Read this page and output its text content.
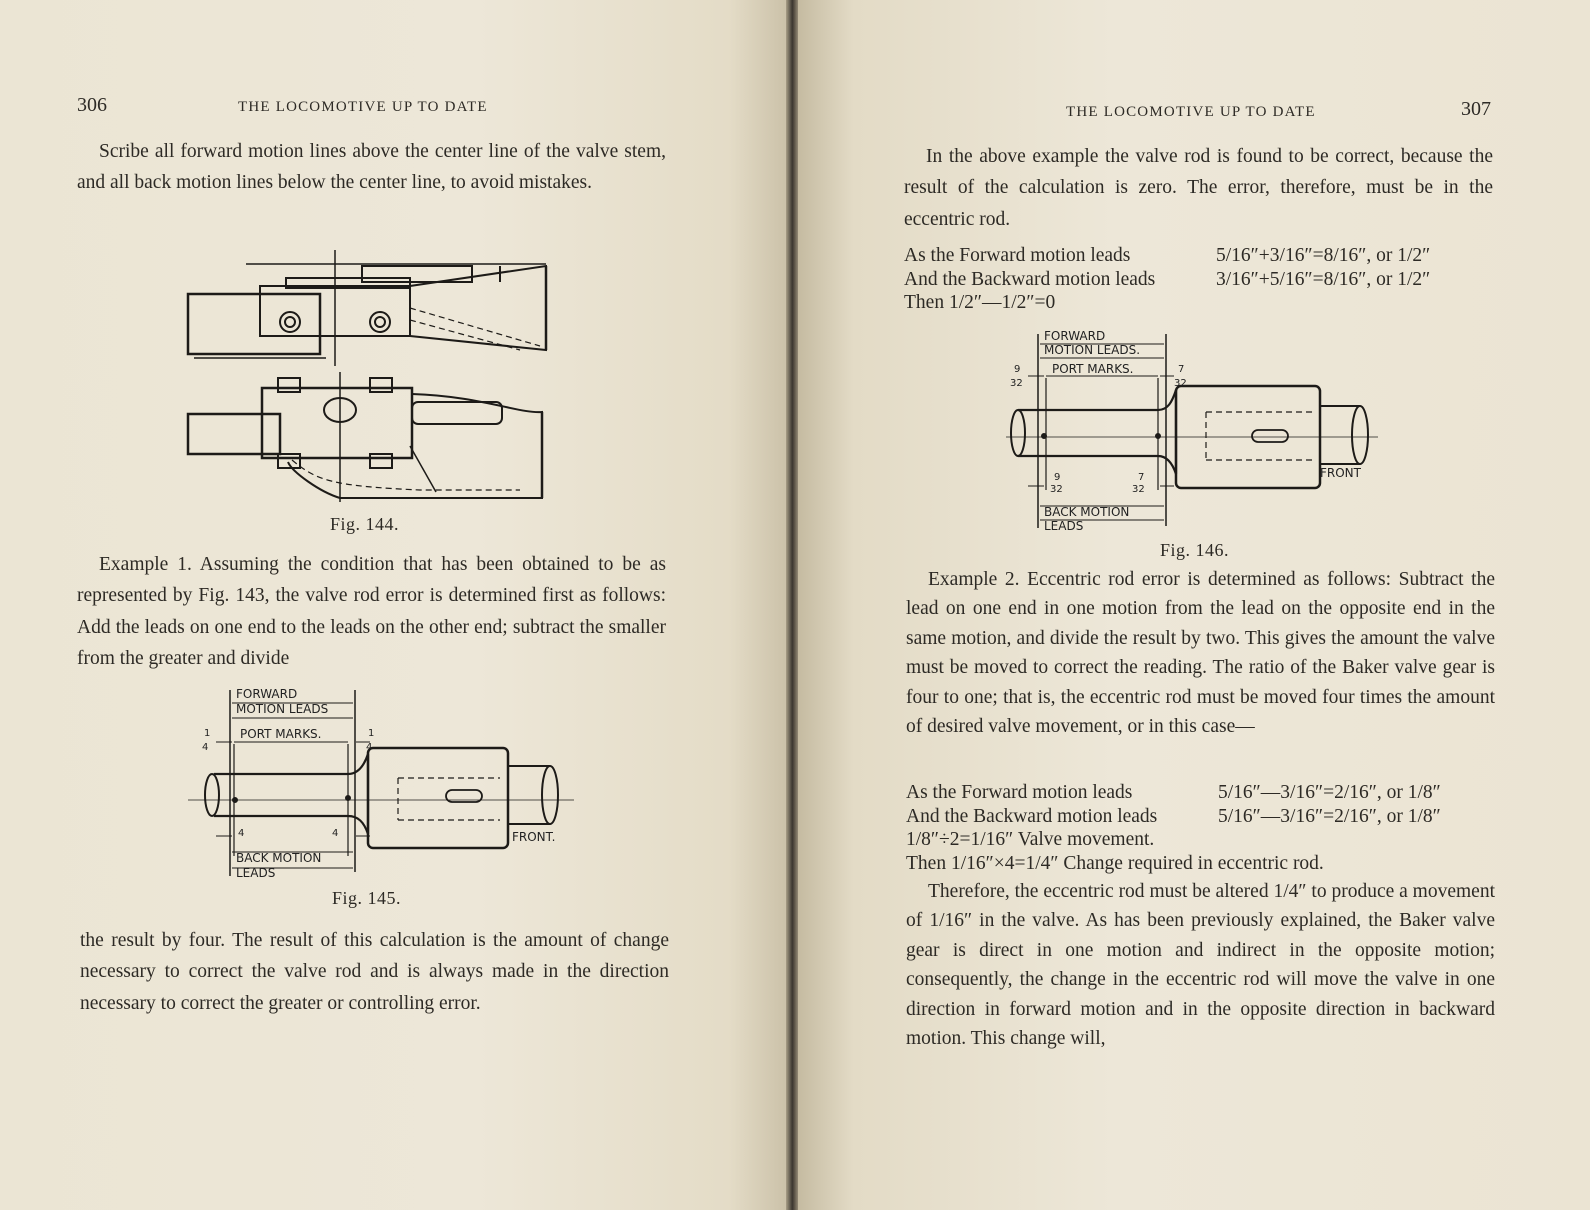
306	THE LOCOMOTIVE UP TO DATE

Scribe all forward motion lines above the center line of the valve stem, and all back motion lines below the center line, to avoid mistakes.

Fig. 144.

Example 1. Assuming the condition that has been obtained to be as represented by Fig. 143, the valve rod error is determined first as follows: Add the leads on one end to the leads on the other end; subtract the smaller from the greater and divide

FORWARD
MOTION LEADS
PORT MARKS.
FRONT.
BACK MOTION
LEADS
1
4
1
4
4	4
Fig. 145.

the result by four. The result of this calculation is the amount of change necessary to correct the valve rod and is always made in the direction necessary to correct the greater or controlling error.

THE LOCOMOTIVE UP TO DATE	307

In the above example the valve rod is found to be correct, because the result of the calculation is zero. The error, therefore, must be in the eccentric rod.

As the Forward motion leads	5/16″+3/16″=8/16″, or 1/2″
And the Backward motion leads	3/16″+5/16″=8/16″, or 1/2″
Then 1/2″—1/2″=0
FORWARD
MOTION LEADS.
PORT MARKS.
FRONT
BACK MOTION
LEADS
9
32
7
32
9
32
7
32
Fig. 146.

Example 2. Eccentric rod error is determined as follows: Subtract the lead on one end in one motion from the lead on the opposite end in the same motion, and divide the result by two. This gives the amount the valve must be moved to correct the reading. The ratio of the Baker valve gear is four to one; that is, the eccentric rod must be moved four times the amount of desired valve movement, or in this case—

As the Forward motion leads	5/16″—3/16″=2/16″, or 1/8″
And the Backward motion leads	5/16″—3/16″=2/16″, or 1/8″
1/8″÷2=1/16″ Valve movement.
Then 1/16″×4=1/4″ Change required in eccentric rod.

Therefore, the eccentric rod must be altered 1/4″ to produce a movement of 1/16″ in the valve. As has been previously explained, the Baker valve gear is direct in one motion and indirect in the opposite motion; consequently, the change in the eccentric rod will move the valve in one direction in forward motion and in the opposite direction in backward motion. This change will,
